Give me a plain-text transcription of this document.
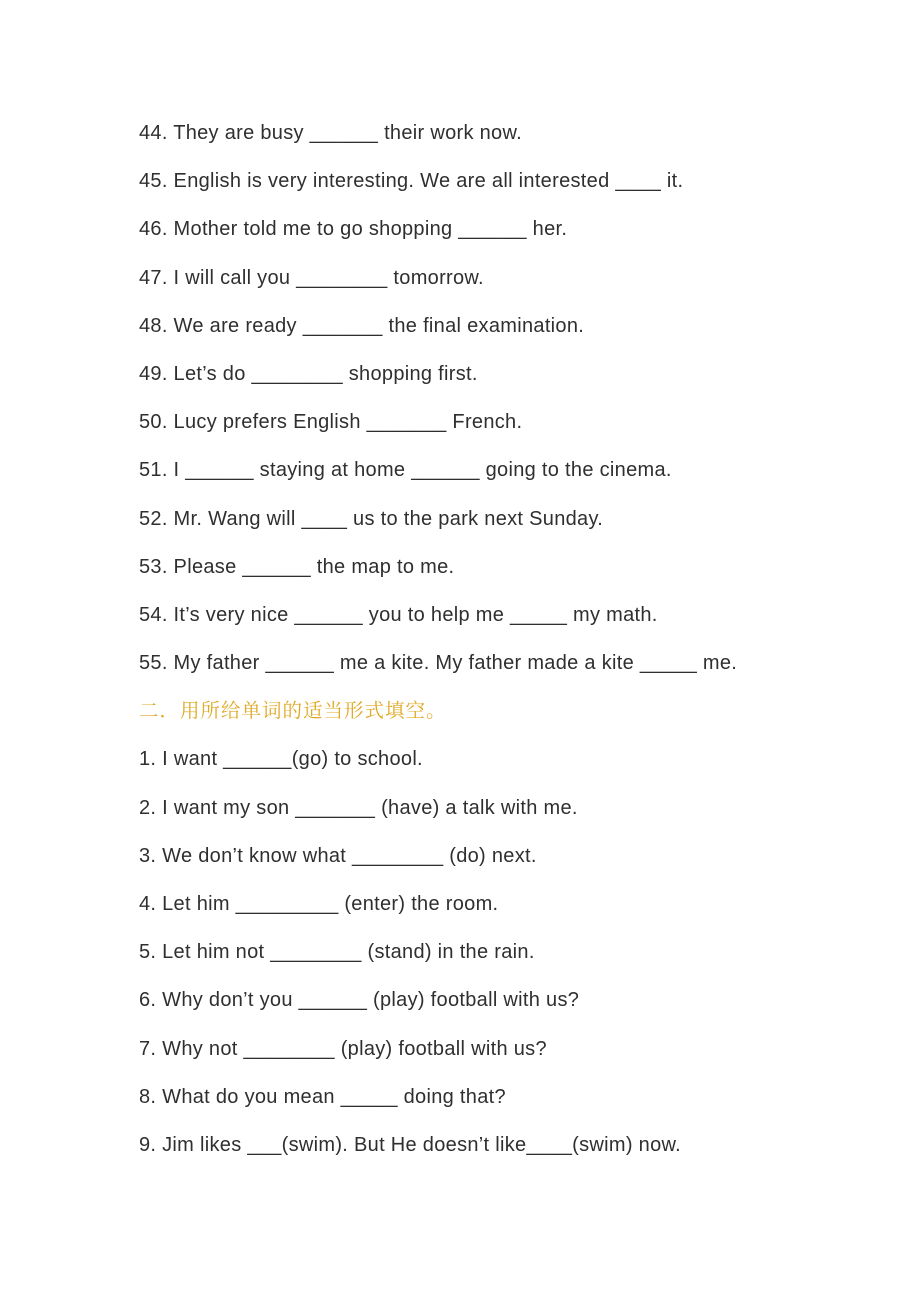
44. They are busy ______ their work now.
45. English is very interesting. We are all interested ____ it.
46. Mother told me to go shopping ______ her.
47. I will call you ________ tomorrow.
48. We are ready _______ the final examination.
49. Let’s do ________ shopping first.
50. Lucy prefers English _______ French.
51. I ______ staying at home ______ going to the cinema.
52. Mr. Wang will ____ us to the park next Sunday.
53. Please ______ the map to me.
54. It’s very nice ______ you to help me _____ my math.
55. My father ______ me a kite. My father made a kite _____ me.
二．用所给单词的适当形式填空。
1. I want ______(go) to school.
2. I want my son _______ (have) a talk with me.
3. We don’t know what ________ (do) next.
4. Let him _________ (enter) the room.
5. Let him not ________ (stand) in the rain.
6. Why don’t you ______ (play) football with us?
7. Why not ________ (play) football with us?
8. What do you mean _____ doing that?
9. Jim likes ___(swim). But He doesn’t like____(swim) now.
